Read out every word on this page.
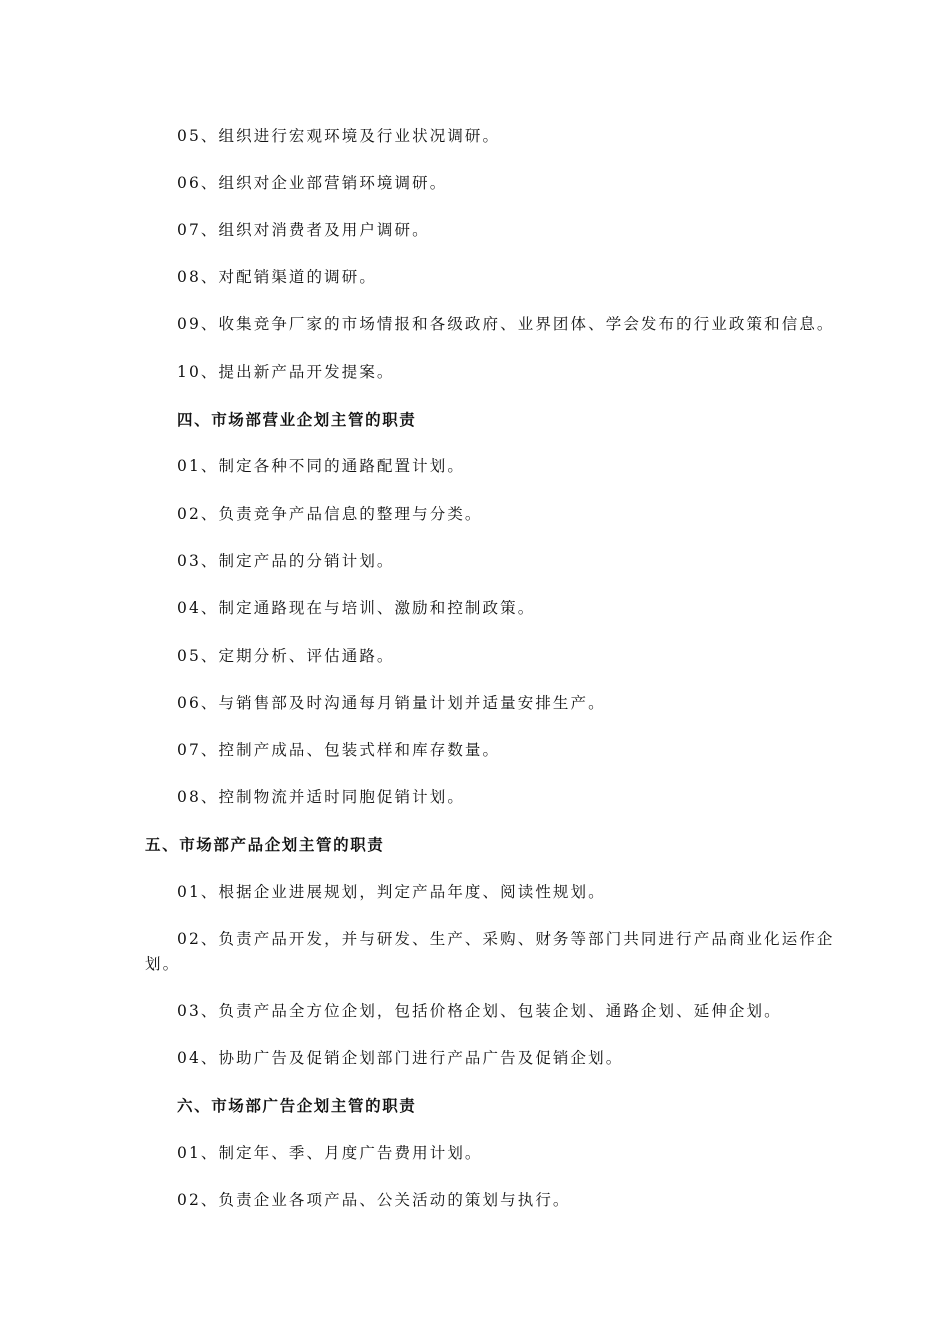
05、组织进行宏观环境及行业状况调研。
06、组织对企业部营销环境调研。
07、组织对消费者及用户调研。
08、对配销渠道的调研。
09、收集竞争厂家的市场情报和各级政府、业界团体、学会发布的行业政策和信息。
10、提出新产品开发提案。
四、市场部营业企划主管的职责
01、制定各种不同的通路配置计划。
02、负责竞争产品信息的整理与分类。
03、制定产品的分销计划。
04、制定通路现在与培训、激励和控制政策。
05、定期分析、评估通路。
06、与销售部及时沟通每月销量计划并适量安排生产。
07、控制产成品、包装式样和库存数量。
08、控制物流并适时同胞促销计划。
五、市场部产品企划主管的职责
01、根据企业进展规划，判定产品年度、阅读性规划。
02、负责产品开发，并与研发、生产、采购、财务等部门共同进行产品商业化运作企
划。
03、负责产品全方位企划，包括价格企划、包装企划、通路企划、延伸企划。
04、协助广告及促销企划部门进行产品广告及促销企划。
六、市场部广告企划主管的职责
01、制定年、季、月度广告费用计划。
02、负责企业各项产品、公关活动的策划与执行。
